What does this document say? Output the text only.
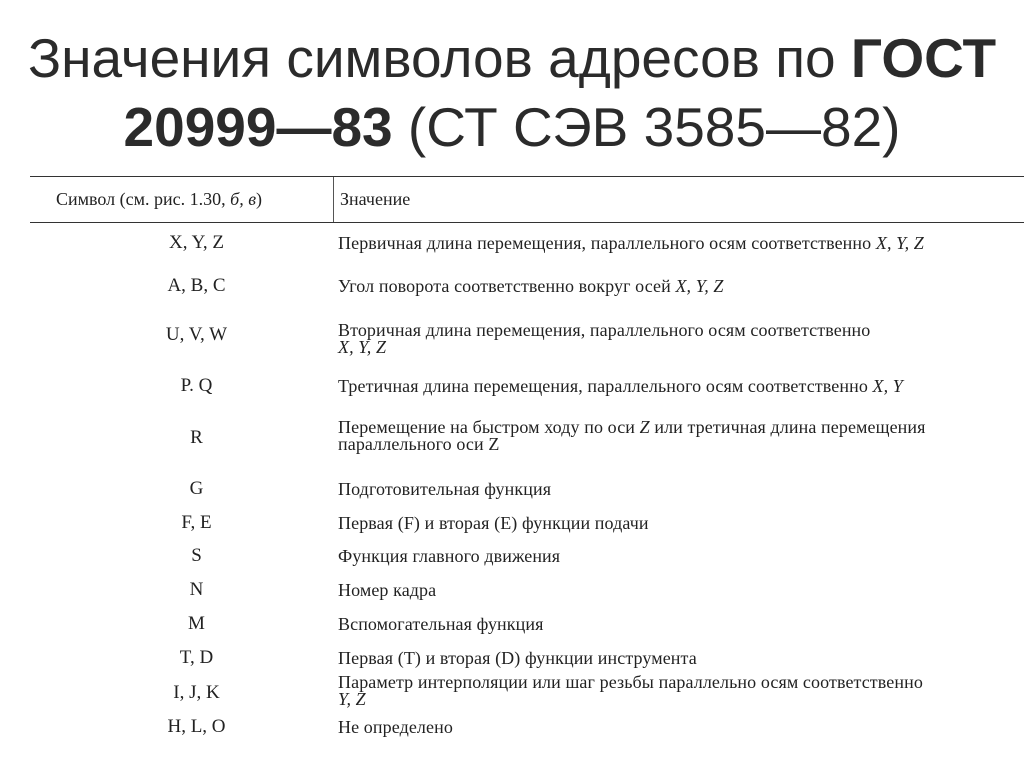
Значения символов адресов по ГОСТ
20999—83 (СТ СЭВ 3585—82)
Символ (см. рис. 1.30, б, в)	Значение
X, Y, Z	Первичная длина перемещения, параллельного осям соответственно X, Y, Z
A, B, C	Угол поворота соответственно вокруг осей X, Y, Z
U, V, W	Вторичная длина перемещения, параллельного осям соответственно
X, Y, Z
P. Q	Третичная длина перемещения, параллельного осям соответственно X, Y
R	Перемещение на быстром ходу по оси Z или третичная длина перемещения
параллельного оси Z
G	Подготовительная функция
F, E	Первая (F) и вторая (E) функции подачи
S	Функция главного движения
N	Номер кадра
M	Вспомогательная функция
T, D	Первая (T) и вторая (D) функции инструмента
I, J, K	Параметр интерполяции или шаг резьбы параллельно осям соответственно
Y, Z
H, L, O	Не определено
